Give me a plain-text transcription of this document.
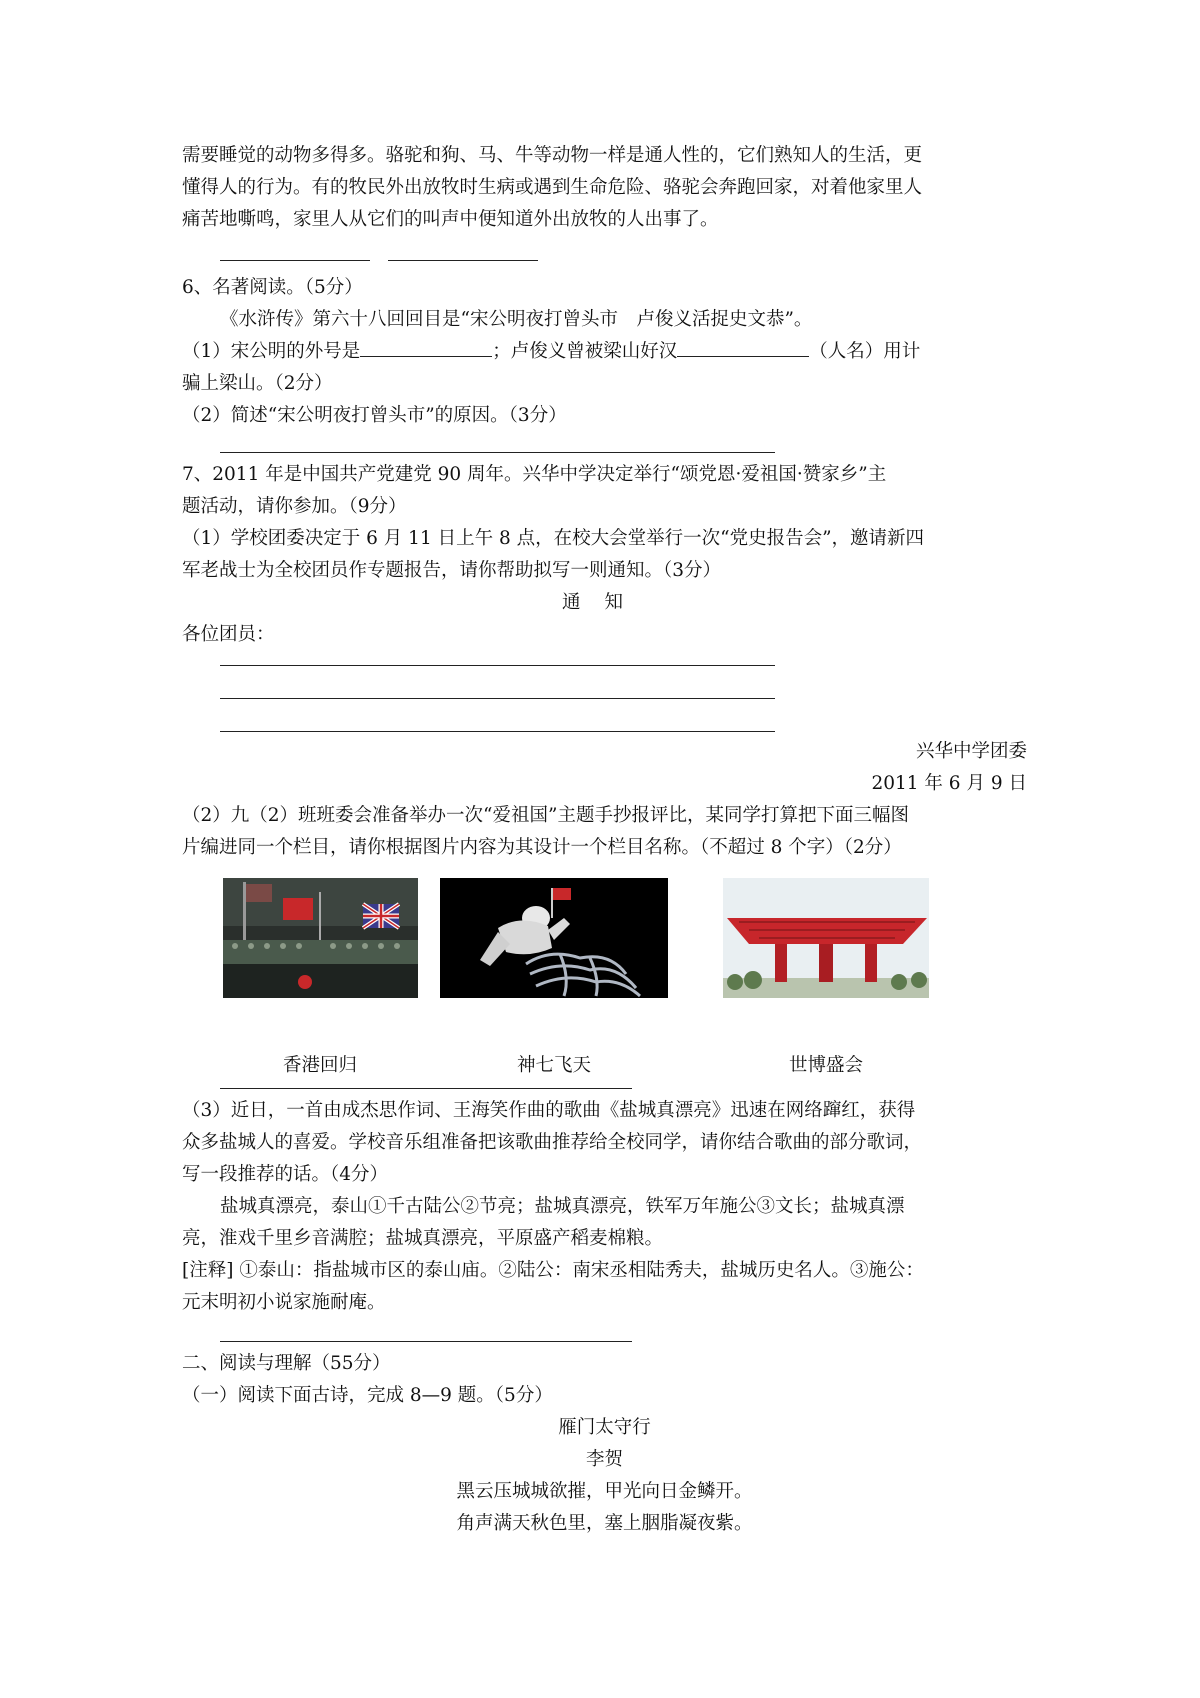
需要睡觉的动物多得多。骆驼和狗、马、牛等动物一样是通人性的，它们熟知人的生活，更

懂得人的行为。有的牧民外出放牧时生病或遇到生命危险、骆驼会奔跑回家，对着他家里人

痛苦地嘶鸣，家里人从它们的叫声中便知道外出放牧的人出事了。

6、名著阅读。（5分）

《水浒传》第六十八回回目是“宋公明夜打曾头市　卢俊义活捉史文恭”。

（1）宋公明的外号是	；卢俊义曾被梁山好汉	（人名）用计

骗上梁山。（2分）

（2）简述“宋公明夜打曾头市”的原因。（3分）

7、2011 年是中国共产党建党 90 周年。兴华中学决定举行“颂党恩·爱祖国·赞家乡”主

题活动，请你参加。（9分）

（1）学校团委决定于 6 月 11 日上午 8 点，在校大会堂举行一次“党史报告会”，邀请新四

军老战士为全校团员作专题报告，请你帮助拟写一则通知。（3分）

通知

各位团员：

兴华中学团委

2011 年 6 月 9 日

（2）九（2）班班委会准备举办一次“爱祖国”主题手抄报评比，某同学打算把下面三幅图

片编进同一个栏目，请你根据图片内容为其设计一个栏目名称。（不超过 8 个字）（2分）

香港回归	神七飞天	世博盛会

（3）近日，一首由成杰思作词、王海笑作曲的歌曲《盐城真漂亮》迅速在网络蹿红，获得

众多盐城人的喜爱。学校音乐组准备把该歌曲推荐给全校同学，请你结合歌曲的部分歌词，

写一段推荐的话。（4分）

盐城真漂亮，泰山①千古陆公②节亮；盐城真漂亮，铁军万年施公③文长；盐城真漂

亮，淮戏千里乡音满腔；盐城真漂亮，平原盛产稻麦棉粮。

[注释] ①泰山：指盐城市区的泰山庙。②陆公：南宋丞相陆秀夫，盐城历史名人。③施公：

元末明初小说家施耐庵。

二、阅读与理解（55分）

（一）阅读下面古诗，完成 8—9 题。（5分）

雁门太守行

李贺

黑云压城城欲摧，甲光向日金鳞开。

角声满天秋色里，塞上胭脂凝夜紫。
